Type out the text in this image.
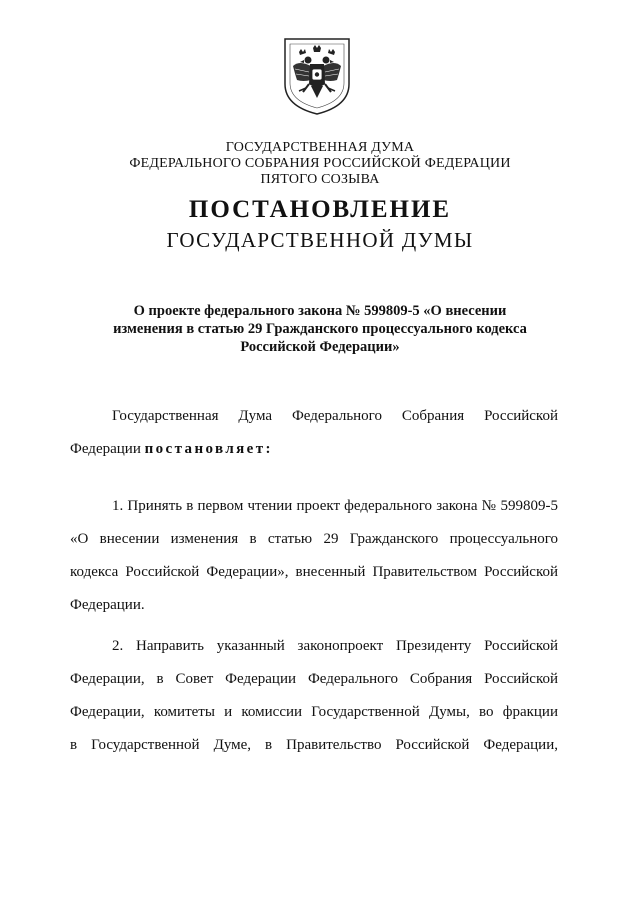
ГОСУДАРСТВЕННАЯ ДУМА
ФЕДЕРАЛЬНОГО СОБРАНИЯ РОССИЙСКОЙ ФЕДЕРАЦИИ
ПЯТОГО СОЗЫВА
ПОСТАНОВЛЕНИЕ
ГОСУДАРСТВЕННОЙ ДУМЫ
О проекте федерального закона № 599809-5 «О внесении
изменения в статью 29 Гражданского процессуального кодекса
Российской Федерации»
Государственная Дума Федерального Собрания Российской
Федерации постановляет:
1. Принять в первом чтении проект федерального закона № 599809-5
«О внесении изменения в статью 29 Гражданского процессуального
кодекса Российской Федерации», внесенный Правительством Российской
Федерации.
2. Направить указанный законопроект Президенту Российской
Федерации, в Совет Федерации Федерального Собрания Российской
Федерации, комитеты и комиссии Государственной Думы, во фракции
в Государственной Думе, в Правительство Российской Федерации,
